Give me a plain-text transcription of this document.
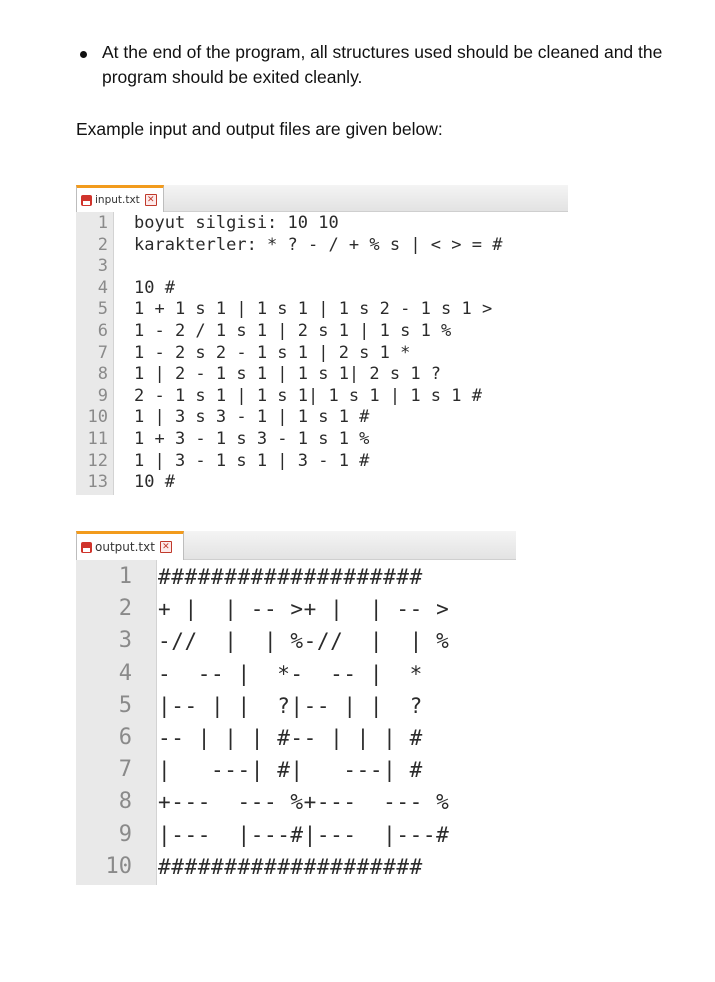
At the end of the program, all structures used should be cleaned and the program should be exited cleanly.
Example input and output files are given below:
input.txt ✕
1 boyut silgisi: 10 10
2 karakterler: * ? - / + % s | < > = #
3
4 10 #
5 1 + 1 s 1 | 1 s 1 | 1 s 2 - 1 s 1 >
6 1 - 2 / 1 s 1 | 2 s 1 | 1 s 1 %
7 1 - 2 s 2 - 1 s 1 | 2 s 1 *
8 1 | 2 - 1 s 1 | 1 s 1| 2 s 1 ?
9 2 - 1 s 1 | 1 s 1| 1 s 1 | 1 s 1 #
10 1 | 3 s 3 - 1 | 1 s 1 #
11 1 + 3 - 1 s 3 - 1 s 1 %
12 1 | 3 - 1 s 1 | 3 - 1 #
13 10 #
output.txt ✕
1 ####################
2 + |  | -- >+ |  | -- >
3 -//  |  | %-//  |  | %
4 -  -- |  *-  -- |  *
5 |-- | |  ?|-- | |  ?
6 -- | | | #-- | | | #
7 |   ---| #|   ---| #
8 +---  --- %+---  --- %
9 |---  |---#|---  |---#
10 ####################
